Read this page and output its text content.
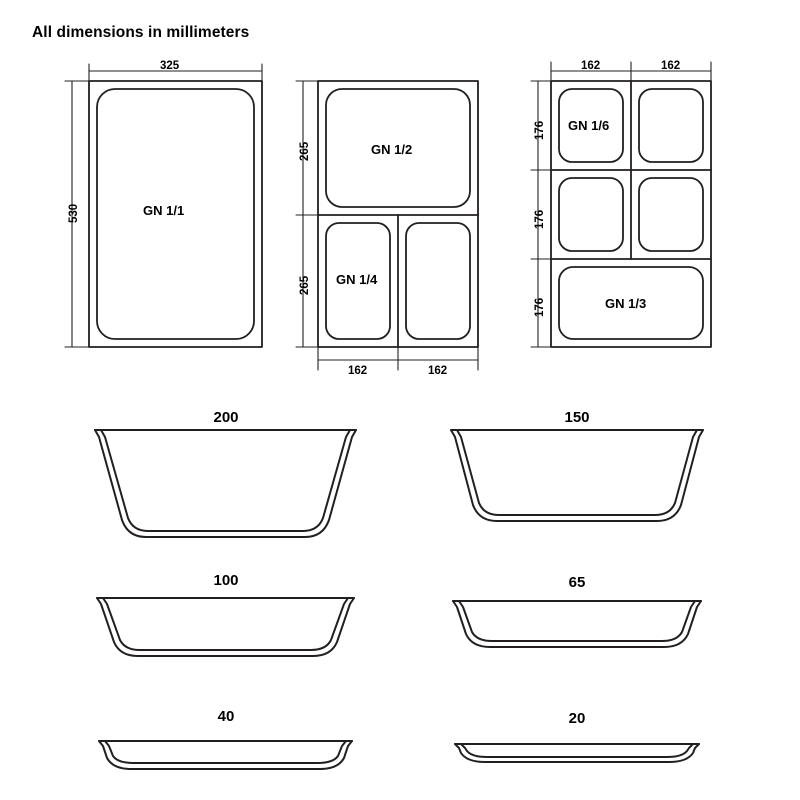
All dimensions in millimeters
325
530	GN 1/1
265
265
162	162
GN 1/2
GN 1/4
162	162
176
176
176
GN 1/6
GN 1/3
200	150
100	65
40	20
